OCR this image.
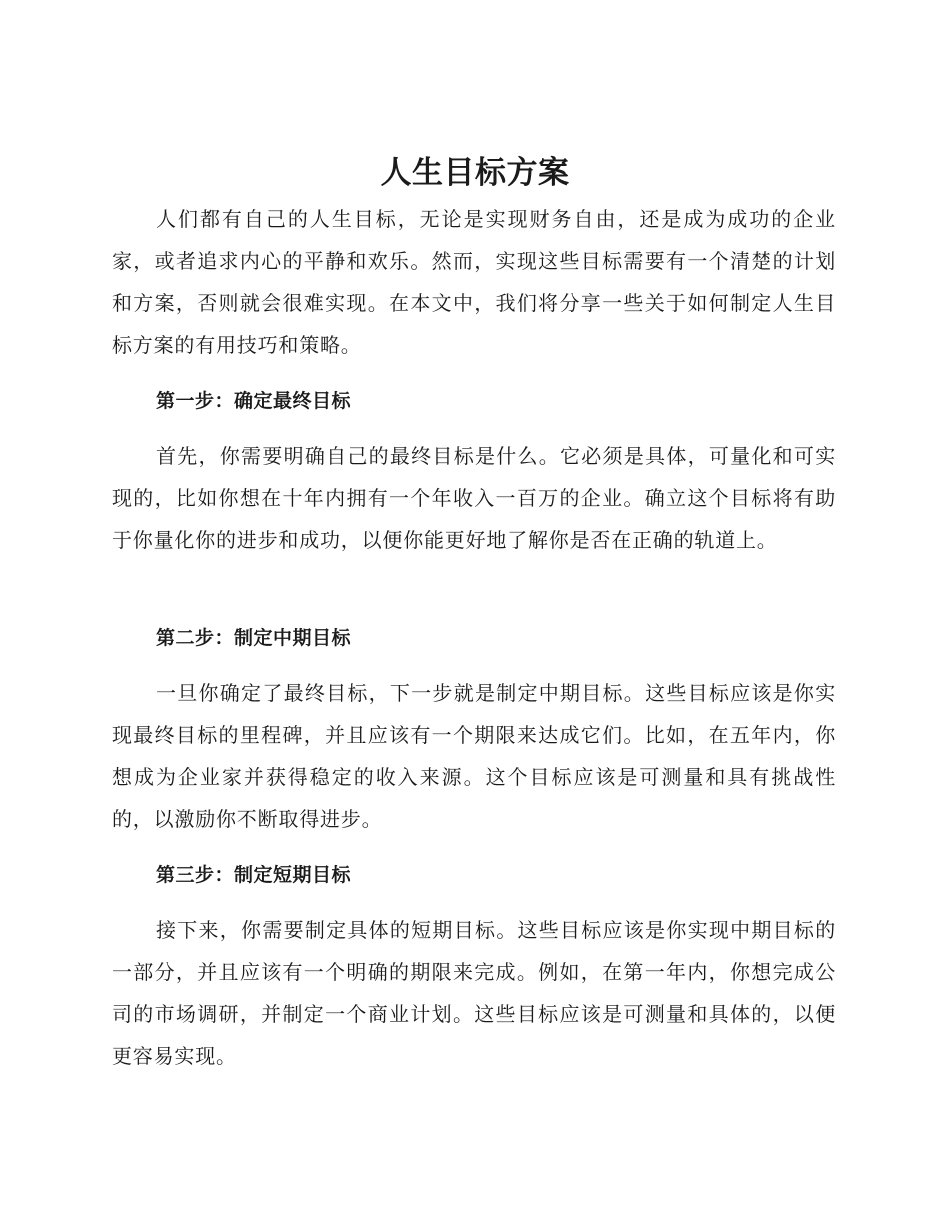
人生目标方案

人们都有自己的人生目标，无论是实现财务自由，还是成为成功的企业家，或者追求内心的平静和欢乐。然而，实现这些目标需要有一个清楚的计划和方案，否则就会很难实现。在本文中，我们将分享一些关于如何制定人生目标方案的有用技巧和策略。

第一步：确定最终目标

首先，你需要明确自己的最终目标是什么。它必须是具体，可量化和可实现的，比如你想在十年内拥有一个年收入一百万的企业。确立这个目标将有助于你量化你的进步和成功，以便你能更好地了解你是否在正确的轨道上。

第二步：制定中期目标

一旦你确定了最终目标，下一步就是制定中期目标。这些目标应该是你实现最终目标的里程碑，并且应该有一个期限来达成它们。比如，在五年内，你想成为企业家并获得稳定的收入来源。这个目标应该是可测量和具有挑战性的，以激励你不断取得进步。

第三步：制定短期目标

接下来，你需要制定具体的短期目标。这些目标应该是你实现中期目标的一部分，并且应该有一个明确的期限来完成。例如，在第一年内，你想完成公司的市场调研，并制定一个商业计划。这些目标应该是可测量和具体的，以便更容易实现。
